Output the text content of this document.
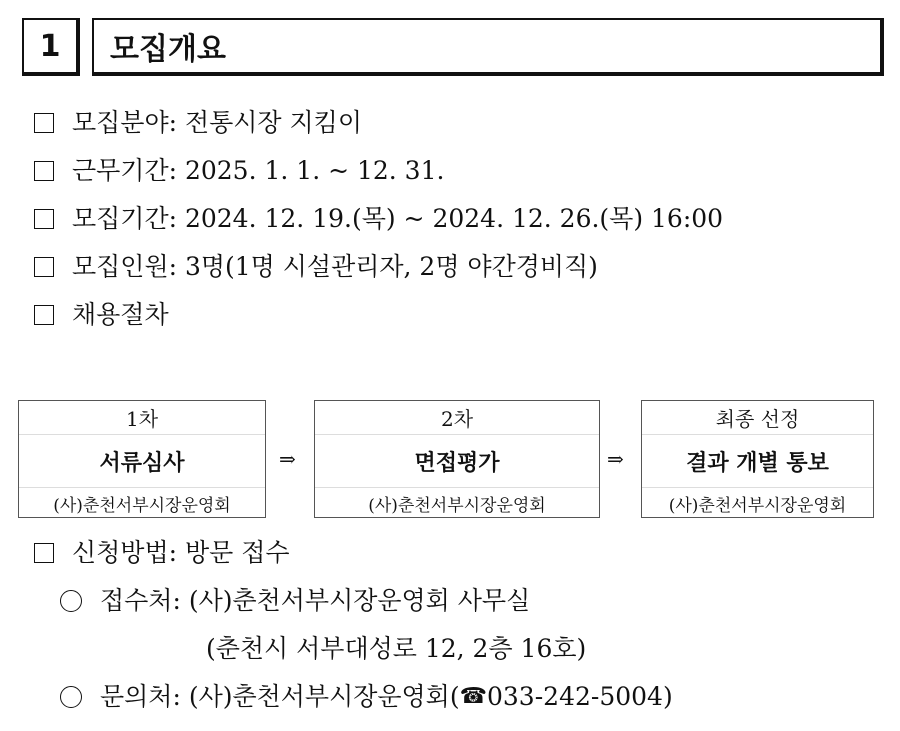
1	모집개요
모집분야: 전통시장 지킴이
근무기간: 2025. 1. 1. ~ 12. 31.
모집기간: 2024. 12. 19.(목) ~ 2024. 12. 26.(목) 16:00
모집인원: 3명(1명 시설관리자, 2명 야간경비직)
채용절차
1차
서류심사
(사)춘천서부시장운영회
⇒
2차
면접평가
(사)춘천서부시장운영회
⇒
최종 선정
결과 개별 통보
(사)춘천서부시장운영회
신청방법: 방문 접수
접수처: (사)춘천서부시장운영회 사무실
(춘천시 서부대성로 12, 2층 16호)
문의처: (사)춘천서부시장운영회( ☎ 033-242-5004)
